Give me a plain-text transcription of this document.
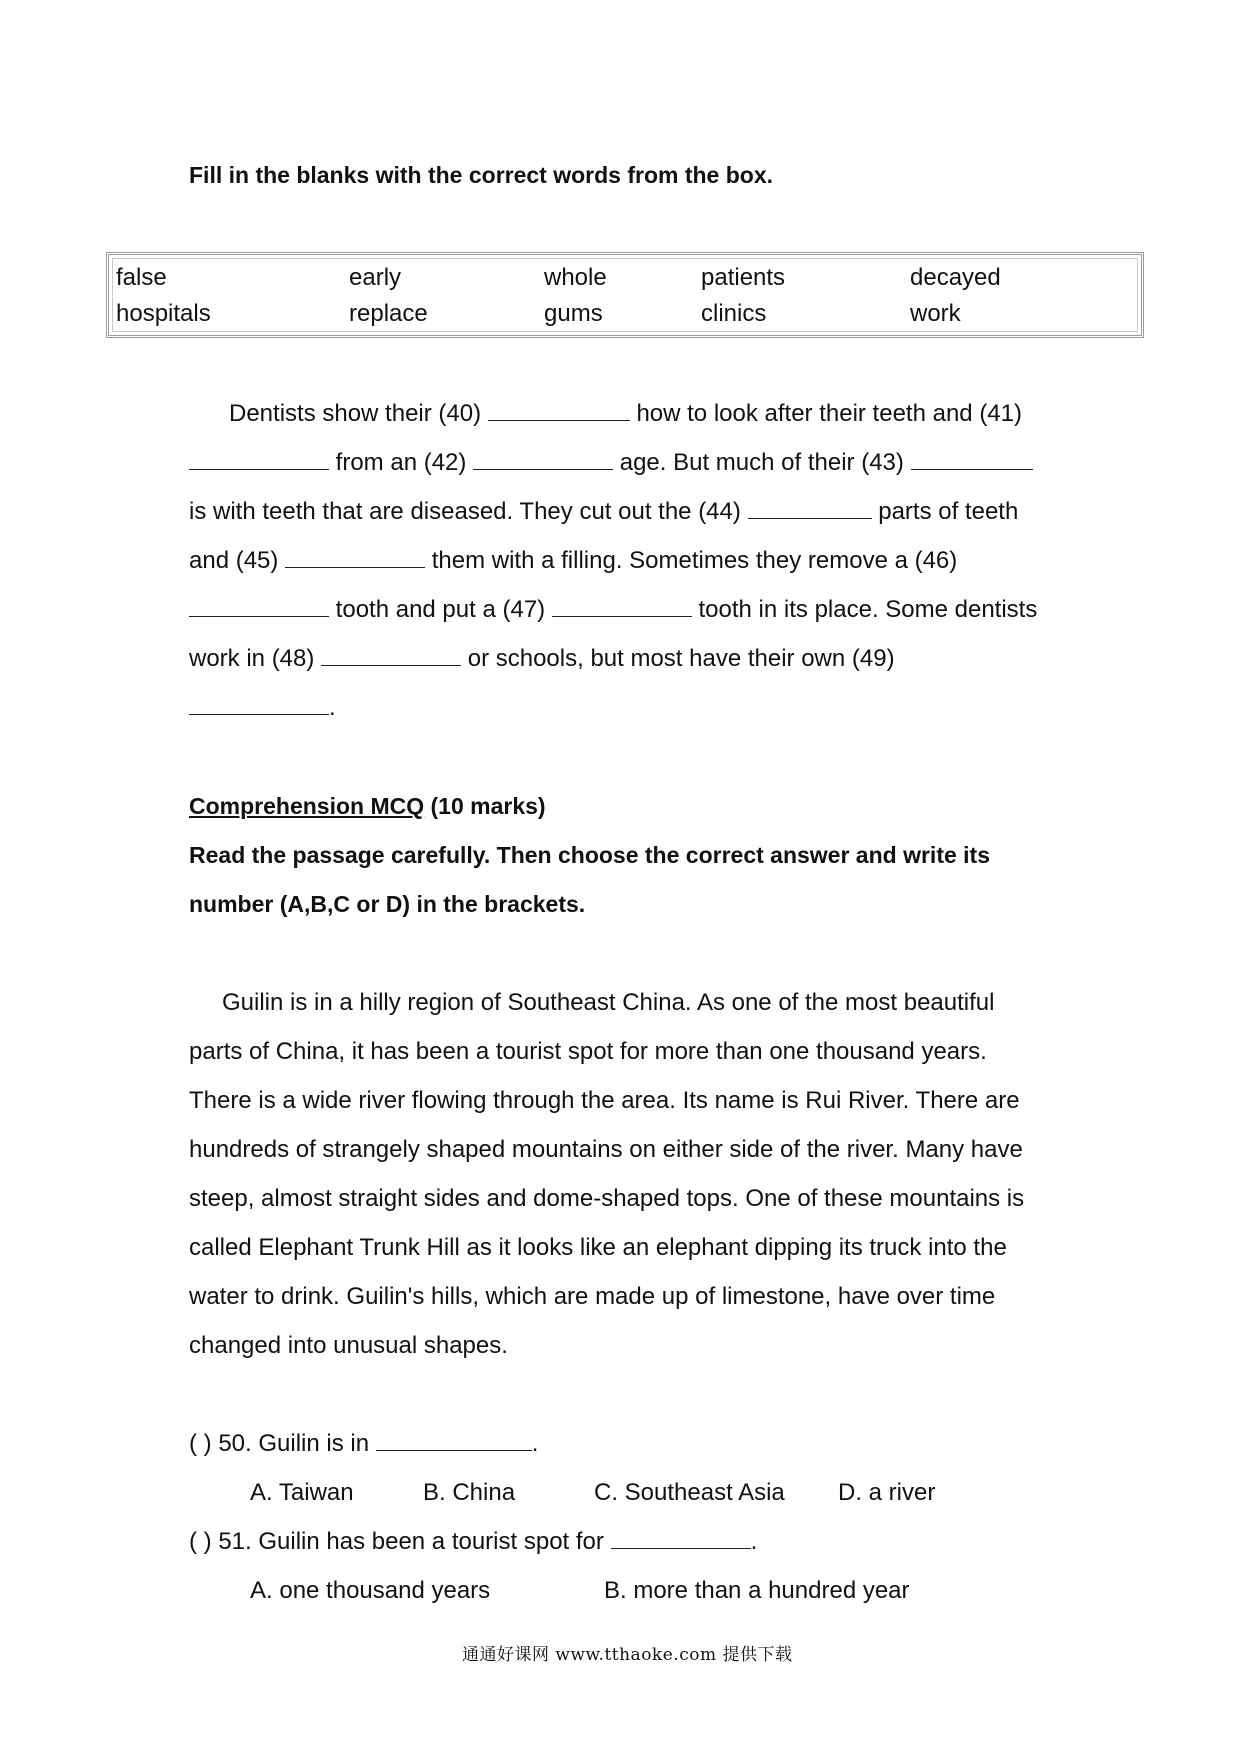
Fill in the blanks with the correct words from the box.
false	early	whole	patients	decayed
hospitals	replace	gums	clinics	work
Dentists show their (40)	how to look after their teeth and (41)
from an (42)	age. But much of their (43)
is with teeth that are diseased. They cut out the (44)	parts of teeth
and (45)	them with a filling. Sometimes they remove a (46)
tooth and put a (47)	tooth in its place. Some dentists
work in (48)	or schools, but most have their own (49)
.
Comprehension MCQ (10 marks)
Read the passage carefully. Then choose the correct answer and write its
number (A,B,C or D) in the brackets.
Guilin is in a hilly region of Southeast China. As one of the most beautiful
parts of China, it has been a tourist spot for more than one thousand years.
There is a wide river flowing through the area. Its name is Rui River. There are
hundreds of strangely shaped mountains on either side of the river. Many have
steep, almost straight sides and dome-shaped tops. One of these mountains is
called Elephant Trunk Hill as it looks like an elephant dipping its truck into the
water to drink. Guilin's hills, which are made up of limestone, have over time
changed into unusual shapes.
( ) 50. Guilin is in	.
A. Taiwan	B. China	C. Southeast Asia D. a river
( ) 51. Guilin has been a tourist spot for	.
A. one thousand years	B. more than a hundred year
通通好课网 www.tthaoke.com 提供下载
